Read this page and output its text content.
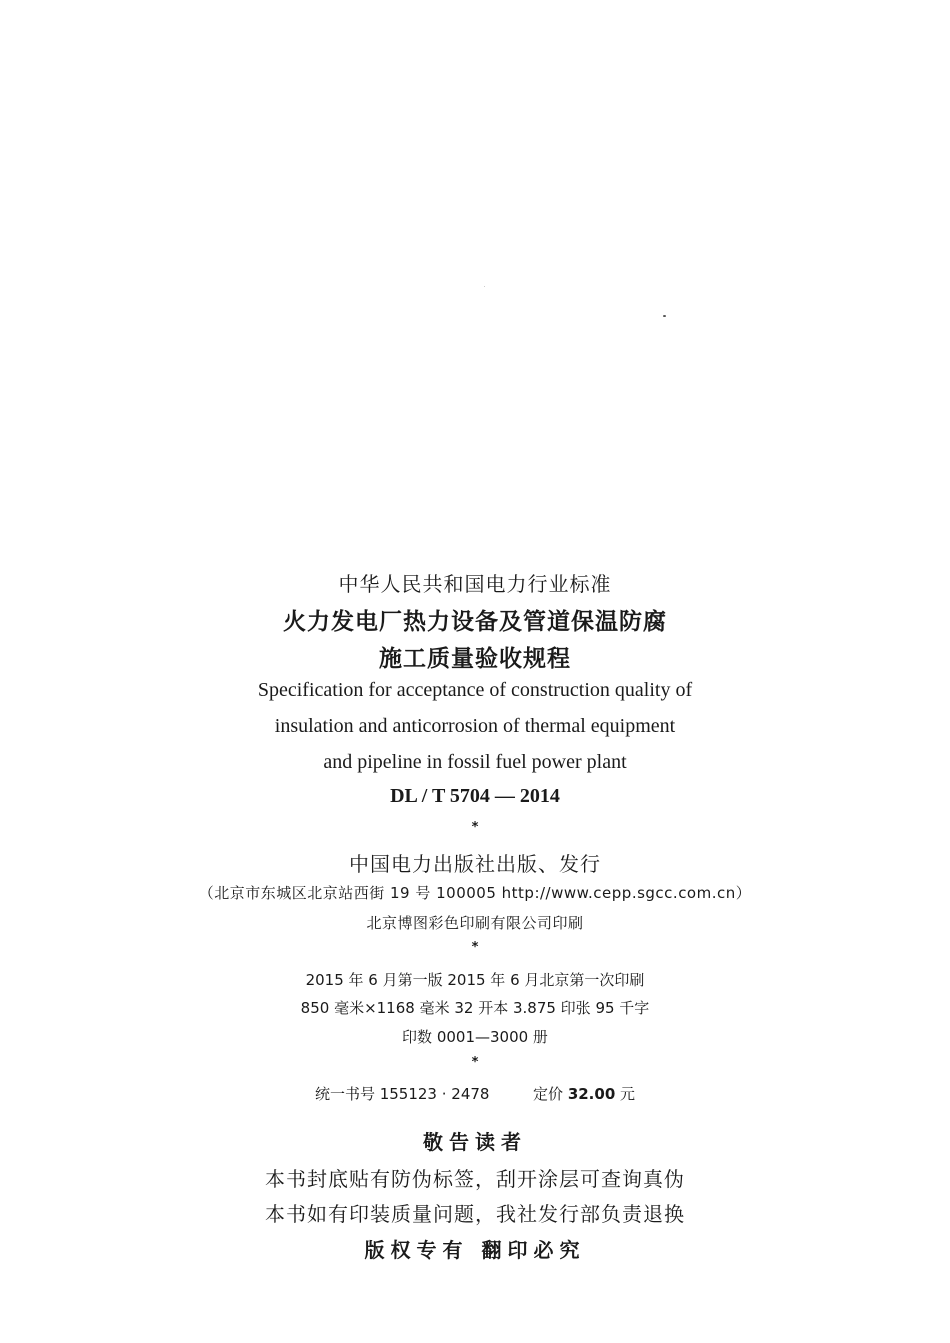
中华人民共和国电力行业标准
火力发电厂热力设备及管道保温防腐
施工质量验收规程
Specification for acceptance of construction quality of
insulation and anticorrosion of thermal equipment
and pipeline in fossil fuel power plant
DL / T 5704 — 2014
*
中国电力出版社出版、发行
（北京市东城区北京站西街 19 号 100005 http://www.cepp.sgcc.com.cn）
北京博图彩色印刷有限公司印刷
*
2015 年 6 月第一版 2015 年 6 月北京第一次印刷
850 毫米×1168 毫米 32 开本 3.875 印张 95 千字
印数 0001—3000 册
*
统一书号 155123 · 2478	定价 32.00 元
敬告读者
本书封底贴有防伪标签，刮开涂层可查询真伪
本书如有印装质量问题，我社发行部负责退换
版权专有 翻印必究
